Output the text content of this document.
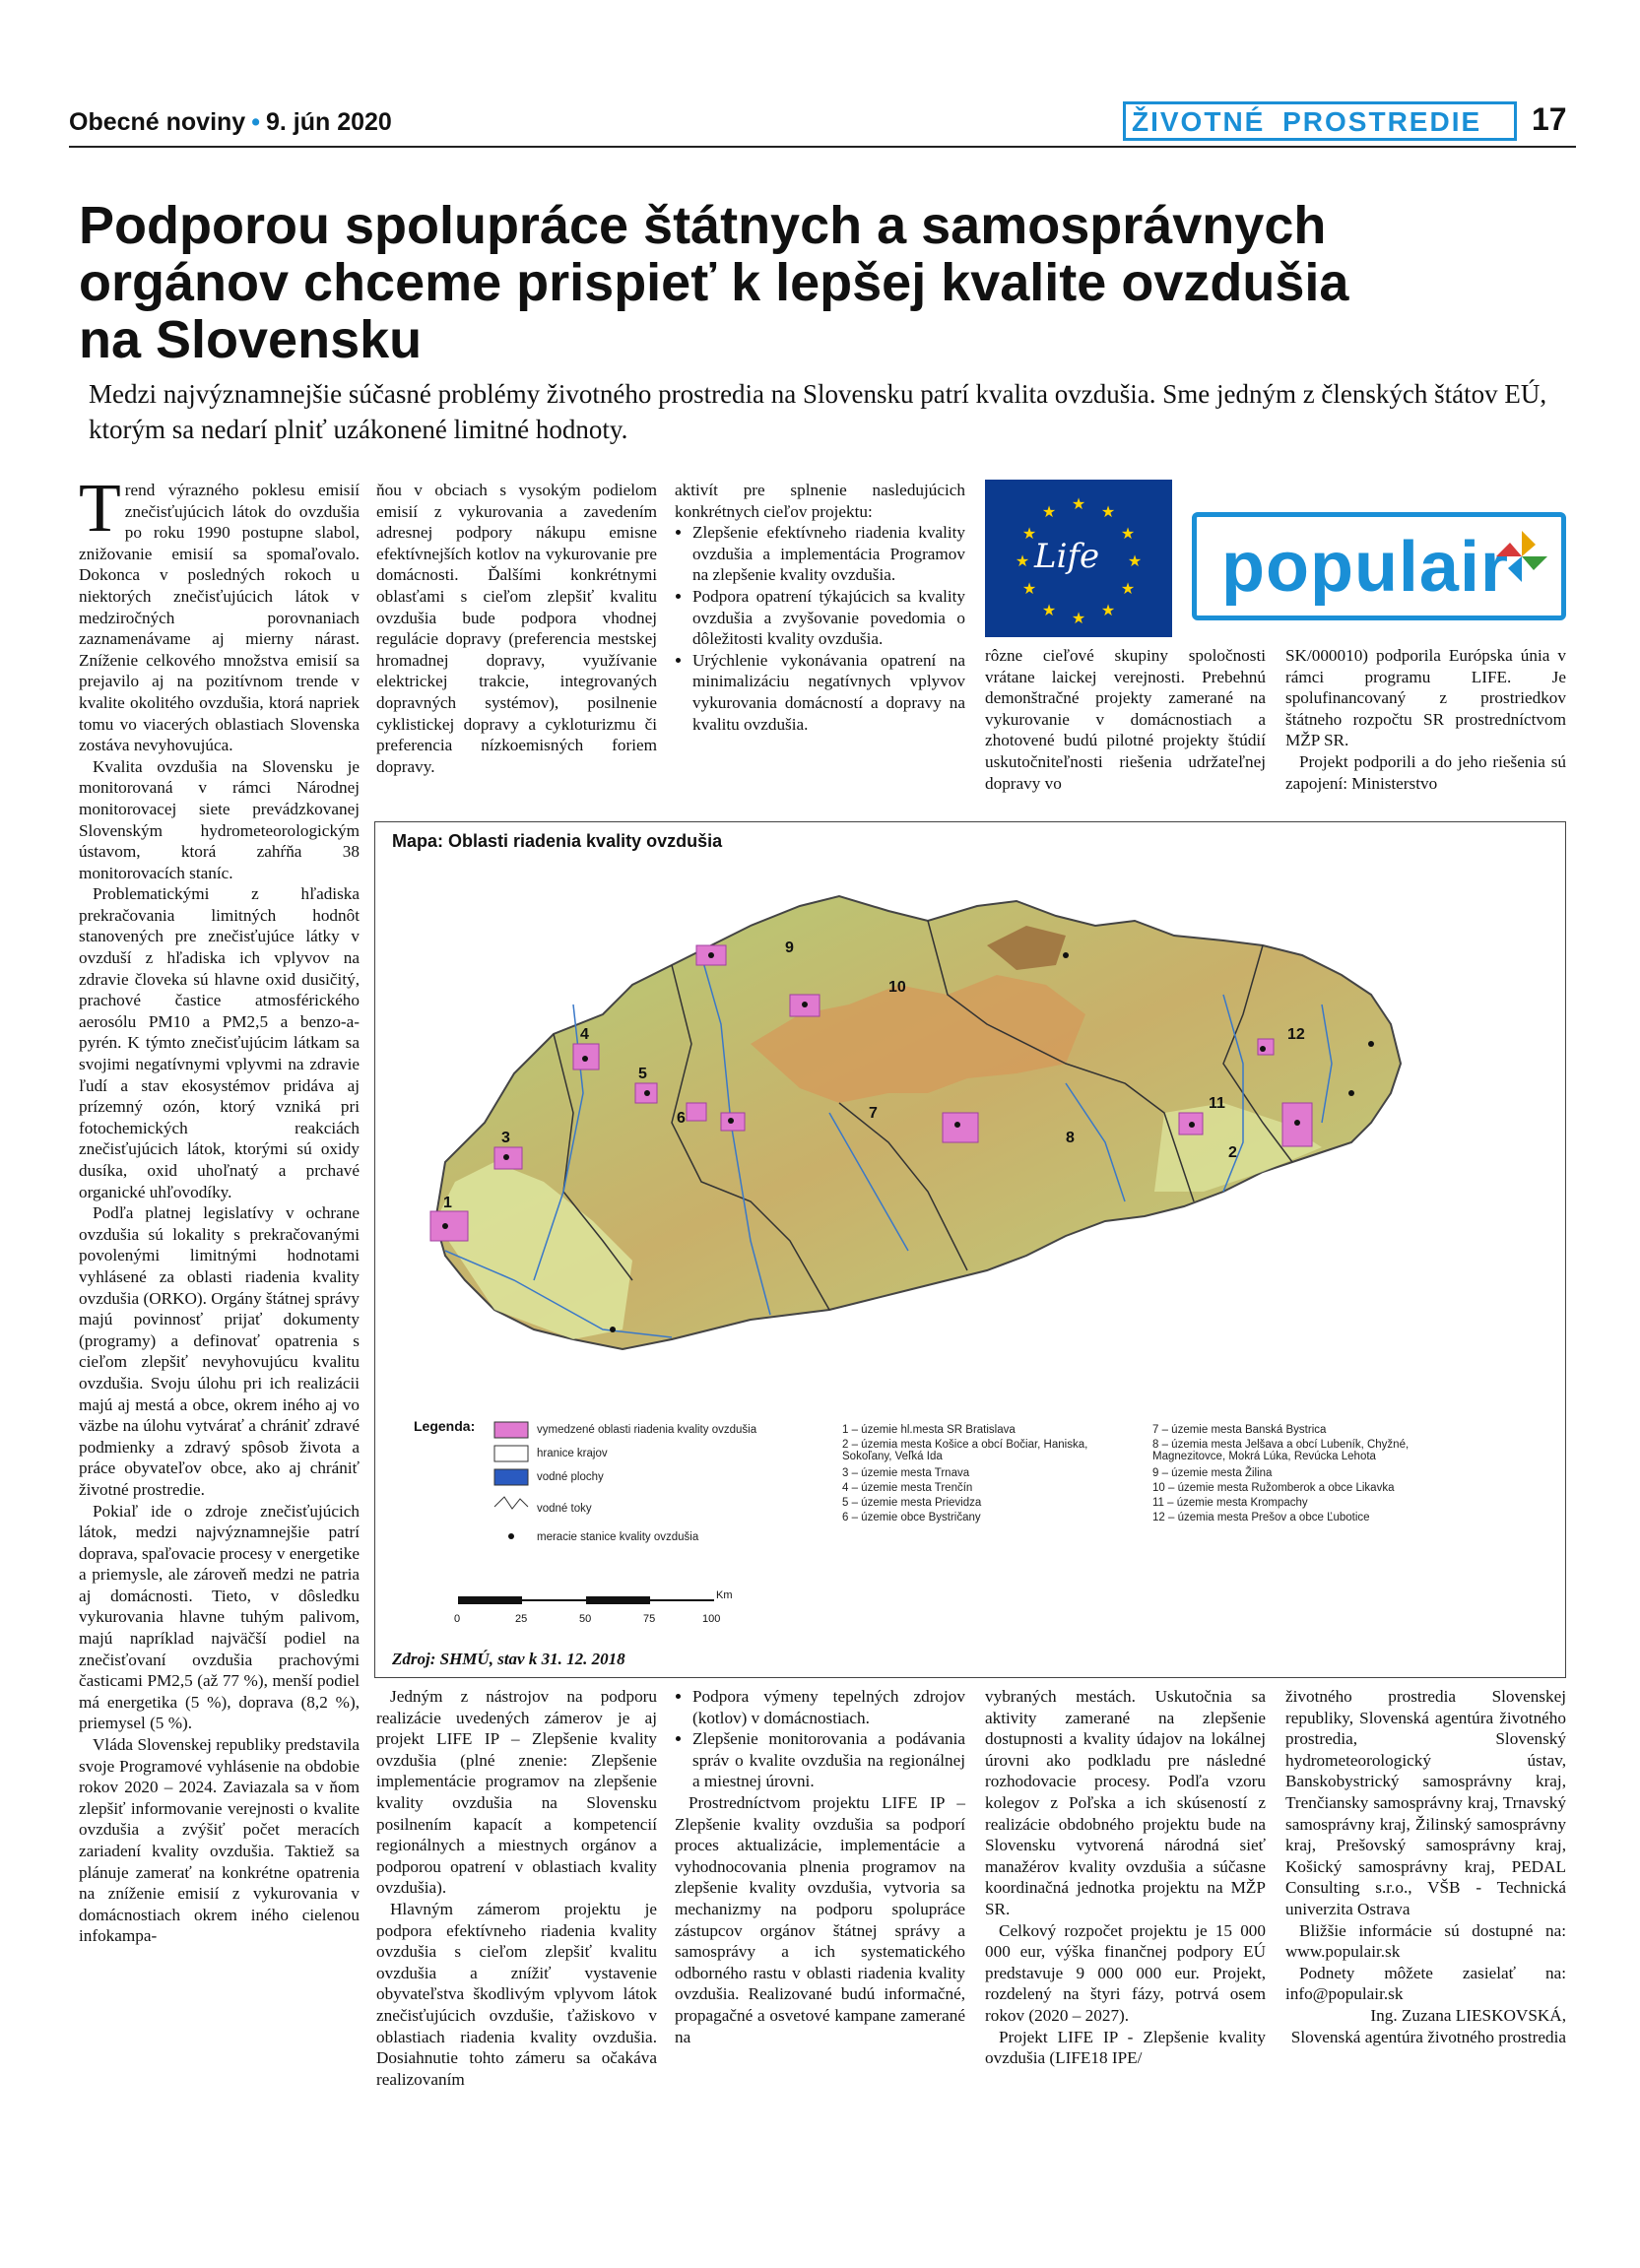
Obecné noviny • 9. jún 2020	ŽIVOTNÉ PROSTREDIE	17
Podporou spolupráce štátnych a samosprávnych
orgánov chceme prispieť k lepšej kvalite ovzdušia
na Slovensku
Medzi najvýznamnejšie súčasné problémy životného prostredia na Slovensku patrí kvalita ovzdušia. Sme jedným z členských štátov EÚ, ktorým sa nedarí plniť uzákonené limitné hodnoty.

Trend výrazného poklesu emisií znečisťujúcich látok do ovzdušia po roku 1990 postupne slabol, znižovanie emisií sa spomaľovalo. Dokonca v posledných rokoch u niektorých znečisťujúcich látok v medziročných porovnaniach zaznamenávame aj mierny nárast. Zníženie celkového množstva emisií sa prejavilo aj na pozitívnom trende v kvalite okolitého ovzdušia, ktorá napriek tomu vo viacerých oblastiach Slovenska zostáva nevyhovujúca.

Kvalita ovzdušia na Slovensku je monitorovaná v rámci Národnej monitorovacej siete prevádzkovanej Slovenským hydrometeorologickým ústavom, ktorá zahŕňa 38 monitorovacích staníc.

Problematickými z hľadiska prekračovania limitných hodnôt stanovených pre znečisťujúce látky v ovzduší z hľadiska ich vplyvov na zdravie človeka sú hlavne oxid dusičitý, prachové častice atmosférického aerosólu PM10 a PM2,5 a benzo-a-pyrén. K týmto znečisťujúcim látkam sa svojimi negatívnymi vplyvmi na zdravie ľudí a stav ekosystémov pridáva aj prízemný ozón, ktorý vzniká pri fotochemických reakciách znečisťujúcich látok, ktorými sú oxidy dusíka, oxid uhoľnatý a prchavé organické uhľovodíky.

Podľa platnej legislatívy v ochrane ovzdušia sú lokality s prekračovanými povolenými limitnými hodnotami vyhlásené za oblasti riadenia kvality ovzdušia (ORKO). Orgány štátnej správy majú povinnosť prijať dokumenty (programy) a definovať opatrenia s cieľom zlepšiť nevyhovujúcu kvalitu ovzdušia. Svoju úlohu pri ich realizácii majú aj mestá a obce, okrem iného aj vo väzbe na úlohu vytvárať a chrániť zdravé podmienky a zdravý spôsob života a práce obyvateľov obce, ako aj chrániť životné prostredie.

Pokiaľ ide o zdroje znečisťujúcich látok, medzi najvýznamnejšie patrí doprava, spaľovacie procesy v energetike a priemysle, ale zároveň medzi ne patria aj domácnosti. Tieto, v dôsledku vykurovania hlavne tuhým palivom, majú napríklad najväčší podiel na znečisťovaní ovzdušia prachovými časticami PM2,5 (až 77 %), menší podiel má energetika (5 %), doprava (8,2 %), priemysel (5 %).

Vláda Slovenskej republiky predstavila svoje Programové vyhlásenie na obdobie rokov 2020 – 2024. Zaviazala sa v ňom zlepšiť informovanie verejnosti o kvalite ovzdušia a zvýšiť počet meracích zariadení kvality ovzdušia. Taktiež sa plánuje zamerať na konkrétne opatrenia na zníženie emisií z vykurovania v domácnostiach okrem iného cielenou infokampa-

ňou v obciach s vysokým podielom emisií z vykurovania a zavedením adresnej podpory nákupu emisne efektívnejších kotlov na vykurovanie pre domácnosti. Ďalšími konkrétnymi oblasťami s cieľom zlepšiť kvalitu ovzdušia bude podpora vhodnej regulácie dopravy (preferencia mestskej hromadnej dopravy, využívanie elektrickej trakcie, integrovaných dopravných systémov), posilnenie cyklistickej dopravy a cykloturizmu či preferencia nízkoemisných foriem dopravy.

aktivít pre splnenie nasledujúcich konkrétnych cieľov projektu:

• Zlepšenie efektívneho riadenia kvality ovzdušia a implementácia Programov na zlepšenie kvality ovzdušia.
• Podpora opatrení týkajúcich sa kvality ovzdušia a zvyšovanie povedomia o dôležitosti kvality ovzdušia.
• Urýchlenie vykonávania opatrení na minimalizáciu negatívnych vplyvov vykurovania domácností a dopravy na kvalitu ovzdušia.
★ ★
★
★
★
★
★
★
★
★
★
★
Life populair

rôzne cieľové skupiny spoločnosti vrátane laickej verejnosti. Prebehnú demonštračné projekty zamerané na vykurovanie v domácnostiach a zhotovené budú pilotné projekty štúdií uskutočniteľnosti riešenia udržateľnej dopravy vo

SK/000010) podporila Európska únia v rámci programu LIFE. Je spolufinancovaný z prostriedkov štátneho rozpočtu SR prostredníctvom MŽP SR.

Projekt podporili a do jeho riešenia sú zapojení: Ministerstvo

Mapa: Oblasti riadenia kvality ovzdušia
1
2
3
4
5
6	7
8
9
10
11
12
Legenda:	vymedzené oblasti riadenia kvality ovzdušia
hranice krajov
vodné plochy
vodné toky
meracie stanice kvality ovzdušia
1 – územie hl.mesta SR Bratislava
2 – územia mesta Košice a obcí Bočiar, Haniska, Sokoľany, Veľká Ida
3 – územie mesta Trnava
4 – územie mesta Trenčín
5 – územie mesta Prievidza
6 – územie obce Bystričany
7 – územie mesta Banská Bystrica
8 – územia mesta Jelšava a obcí Lubeník, Chyžné, Magnezitovce, Mokrá Lúka, Revúcka Lehota
9 – územie mesta Žilina
10 – územie mesta Ružomberok a obce Likavka
11 – územie mesta Krompachy
12 – územia mesta Prešov a obce Ľubotice
0	25	50	75	100
Km
Zdroj: SHMÚ, stav k 31. 12. 2018

Jedným z nástrojov na podporu realizácie uvedených zámerov je aj projekt LIFE IP – Zlepšenie kvality ovzdušia (plné znenie: Zlepšenie implementácie programov na zlepšenie kvality ovzdušia na Slovensku posilnením kapacít a kompetencií regionálnych a miestnych orgánov a podporou opatrení v oblastiach kvality ovzdušia).

Hlavným zámerom projektu je podpora efektívneho riadenia kvality ovzdušia s cieľom zlepšiť kvalitu ovzdušia a znížiť vystavenie obyvateľstva škodlivým vplyvom látok znečisťujúcich ovzdušie, ťažiskovo v oblastiach riadenia kvality ovzdušia. Dosiahnutie tohto zámeru sa očakáva realizovaním

• Podpora výmeny tepelných zdrojov (kotlov) v domácnostiach.
• Zlepšenie monitorovania a podávania správ o kvalite ovzdušia na regionálnej a miestnej úrovni.

Prostredníctvom projektu LIFE IP – Zlepšenie kvality ovzdušia sa podporí proces aktualizácie, implementácie a vyhodnocovania plnenia programov na zlepšenie kvality ovzdušia, vytvoria sa mechanizmy na podporu spolupráce zástupcov orgánov štátnej správy a samosprávy a ich systematického odborného rastu v oblasti riadenia kvality ovzdušia. Realizované budú informačné, propagačné a osvetové kampane zamerané na

vybraných mestách. Uskutočnia sa aktivity zamerané na zlepšenie dostupnosti a kvality údajov na lokálnej úrovni ako podkladu pre následné rozhodovacie procesy. Podľa vzoru kolegov z Poľska a ich skúseností z realizácie obdobného projektu bude na Slovensku vytvorená národná sieť manažérov kvality ovzdušia a súčasne koordinačná jednotka projektu na MŽP SR.

Celkový rozpočet projektu je 15 000 000 eur, výška finančnej podpory EÚ predstavuje 9 000 000 eur. Projekt, rozdelený na štyri fázy, potrvá osem rokov (2020 – 2027).

Projekt LIFE IP - Zlepšenie kvality ovzdušia (LIFE18 IPE/

životného prostredia Slovenskej republiky, Slovenská agentúra životného prostredia, Slovenský hydrometeorologický ústav, Banskobystrický samosprávny kraj, Trenčiansky samosprávny kraj, Trnavský samosprávny kraj, Žilinský samosprávny kraj, Prešovský samosprávny kraj, Košický samosprávny kraj, PEDAL Consulting s.r.o., VŠB - Technická univerzita Ostrava

Bližšie informácie sú dostupné na: www.populair.sk

Podnety môžete zasielať na: info@populair.sk

Ing. Zuzana LIESKOVSKÁ,

Slovenská agentúra životného prostredia
